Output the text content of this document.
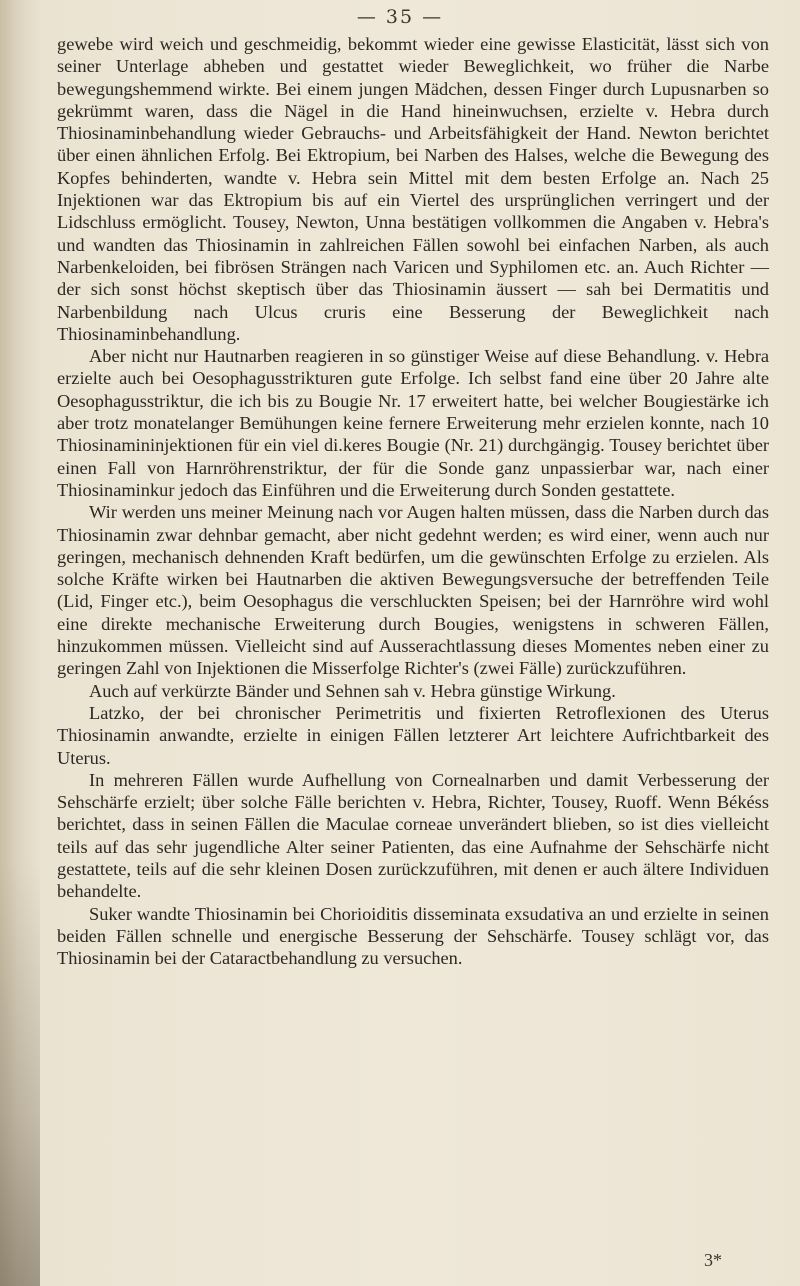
— 35 —

gewebe wird weich und geschmeidig, bekommt wieder eine gewisse Elasticität, lässt sich von seiner Unterlage abheben und gestattet wieder Beweglichkeit, wo früher die Narbe bewegungshemmend wirkte. Bei einem jungen Mädchen, dessen Finger durch Lupusnarben so gekrümmt waren, dass die Nägel in die Hand hineinwuchsen, erzielte v. Hebra durch Thiosinaminbehandlung wieder Gebrauchs- und Arbeitsfähigkeit der Hand. Newton berichtet über einen ähnlichen Erfolg. Bei Ektropium, bei Narben des Halses, welche die Bewegung des Kopfes behinderten, wandte v. Hebra sein Mittel mit dem besten Erfolge an. Nach 25 Injektionen war das Ektropium bis auf ein Viertel des ursprünglichen verringert und der Lidschluss ermöglicht. Tousey, Newton, Unna bestätigen vollkommen die Angaben v. Hebra's und wandten das Thiosinamin in zahlreichen Fällen sowohl bei einfachen Narben, als auch Narbenkeloiden, bei fibrösen Strängen nach Varicen und Syphilomen etc. an. Auch Richter — der sich sonst höchst skeptisch über das Thiosinamin äussert — sah bei Dermatitis und Narbenbildung nach Ulcus cruris eine Besserung der Beweglichkeit nach Thiosinaminbehandlung.

Aber nicht nur Hautnarben reagieren in so günstiger Weise auf diese Behandlung. v. Hebra erzielte auch bei Oesophagusstrikturen gute Erfolge. Ich selbst fand eine über 20 Jahre alte Oesophagusstriktur, die ich bis zu Bougie Nr. 17 erweitert hatte, bei welcher Bougiestärke ich aber trotz monatelanger Bemühungen keine fernere Erweiterung mehr erzielen konnte, nach 10 Thiosinamininjektionen für ein viel di.keres Bougie (Nr. 21) durchgängig. Tousey berichtet über einen Fall von Harnröhrenstriktur, der für die Sonde ganz unpassierbar war, nach einer Thiosinaminkur jedoch das Einführen und die Erweiterung durch Sonden gestattete.

Wir werden uns meiner Meinung nach vor Augen halten müssen, dass die Narben durch das Thiosinamin zwar dehnbar gemacht, aber nicht gedehnt werden; es wird einer, wenn auch nur geringen, mechanisch dehnenden Kraft bedürfen, um die gewünschten Erfolge zu erzielen. Als solche Kräfte wirken bei Hautnarben die aktiven Bewegungsversuche der betreffenden Teile (Lid, Finger etc.), beim Oesophagus die verschluckten Speisen; bei der Harnröhre wird wohl eine direkte mechanische Erweiterung durch Bougies, wenigstens in schweren Fällen, hinzukommen müssen. Vielleicht sind auf Ausserachtlassung dieses Momentes neben einer zu geringen Zahl von Injektionen die Misserfolge Richter's (zwei Fälle) zurückzuführen.

Auch auf verkürzte Bänder und Sehnen sah v. Hebra günstige Wirkung.

Latzko, der bei chronischer Perimetritis und fixierten Retroflexionen des Uterus Thiosinamin anwandte, erzielte in einigen Fällen letzterer Art leichtere Aufrichtbarkeit des Uterus.

In mehreren Fällen wurde Aufhellung von Cornealnarben und damit Verbesserung der Sehschärfe erzielt; über solche Fälle berichten v. Hebra, Richter, Tousey, Ruoff. Wenn Békéss berichtet, dass in seinen Fällen die Maculae corneae unverändert blieben, so ist dies vielleicht teils auf das sehr jugendliche Alter seiner Patienten, das eine Aufnahme der Sehschärfe nicht gestattete, teils auf die sehr kleinen Dosen zurückzuführen, mit denen er auch ältere Individuen behandelte.

Suker wandte Thiosinamin bei Chorioiditis disseminata exsudativa an und erzielte in seinen beiden Fällen schnelle und energische Besserung der Sehschärfe. Tousey schlägt vor, das Thiosinamin bei der Cataractbehandlung zu versuchen.

3*
